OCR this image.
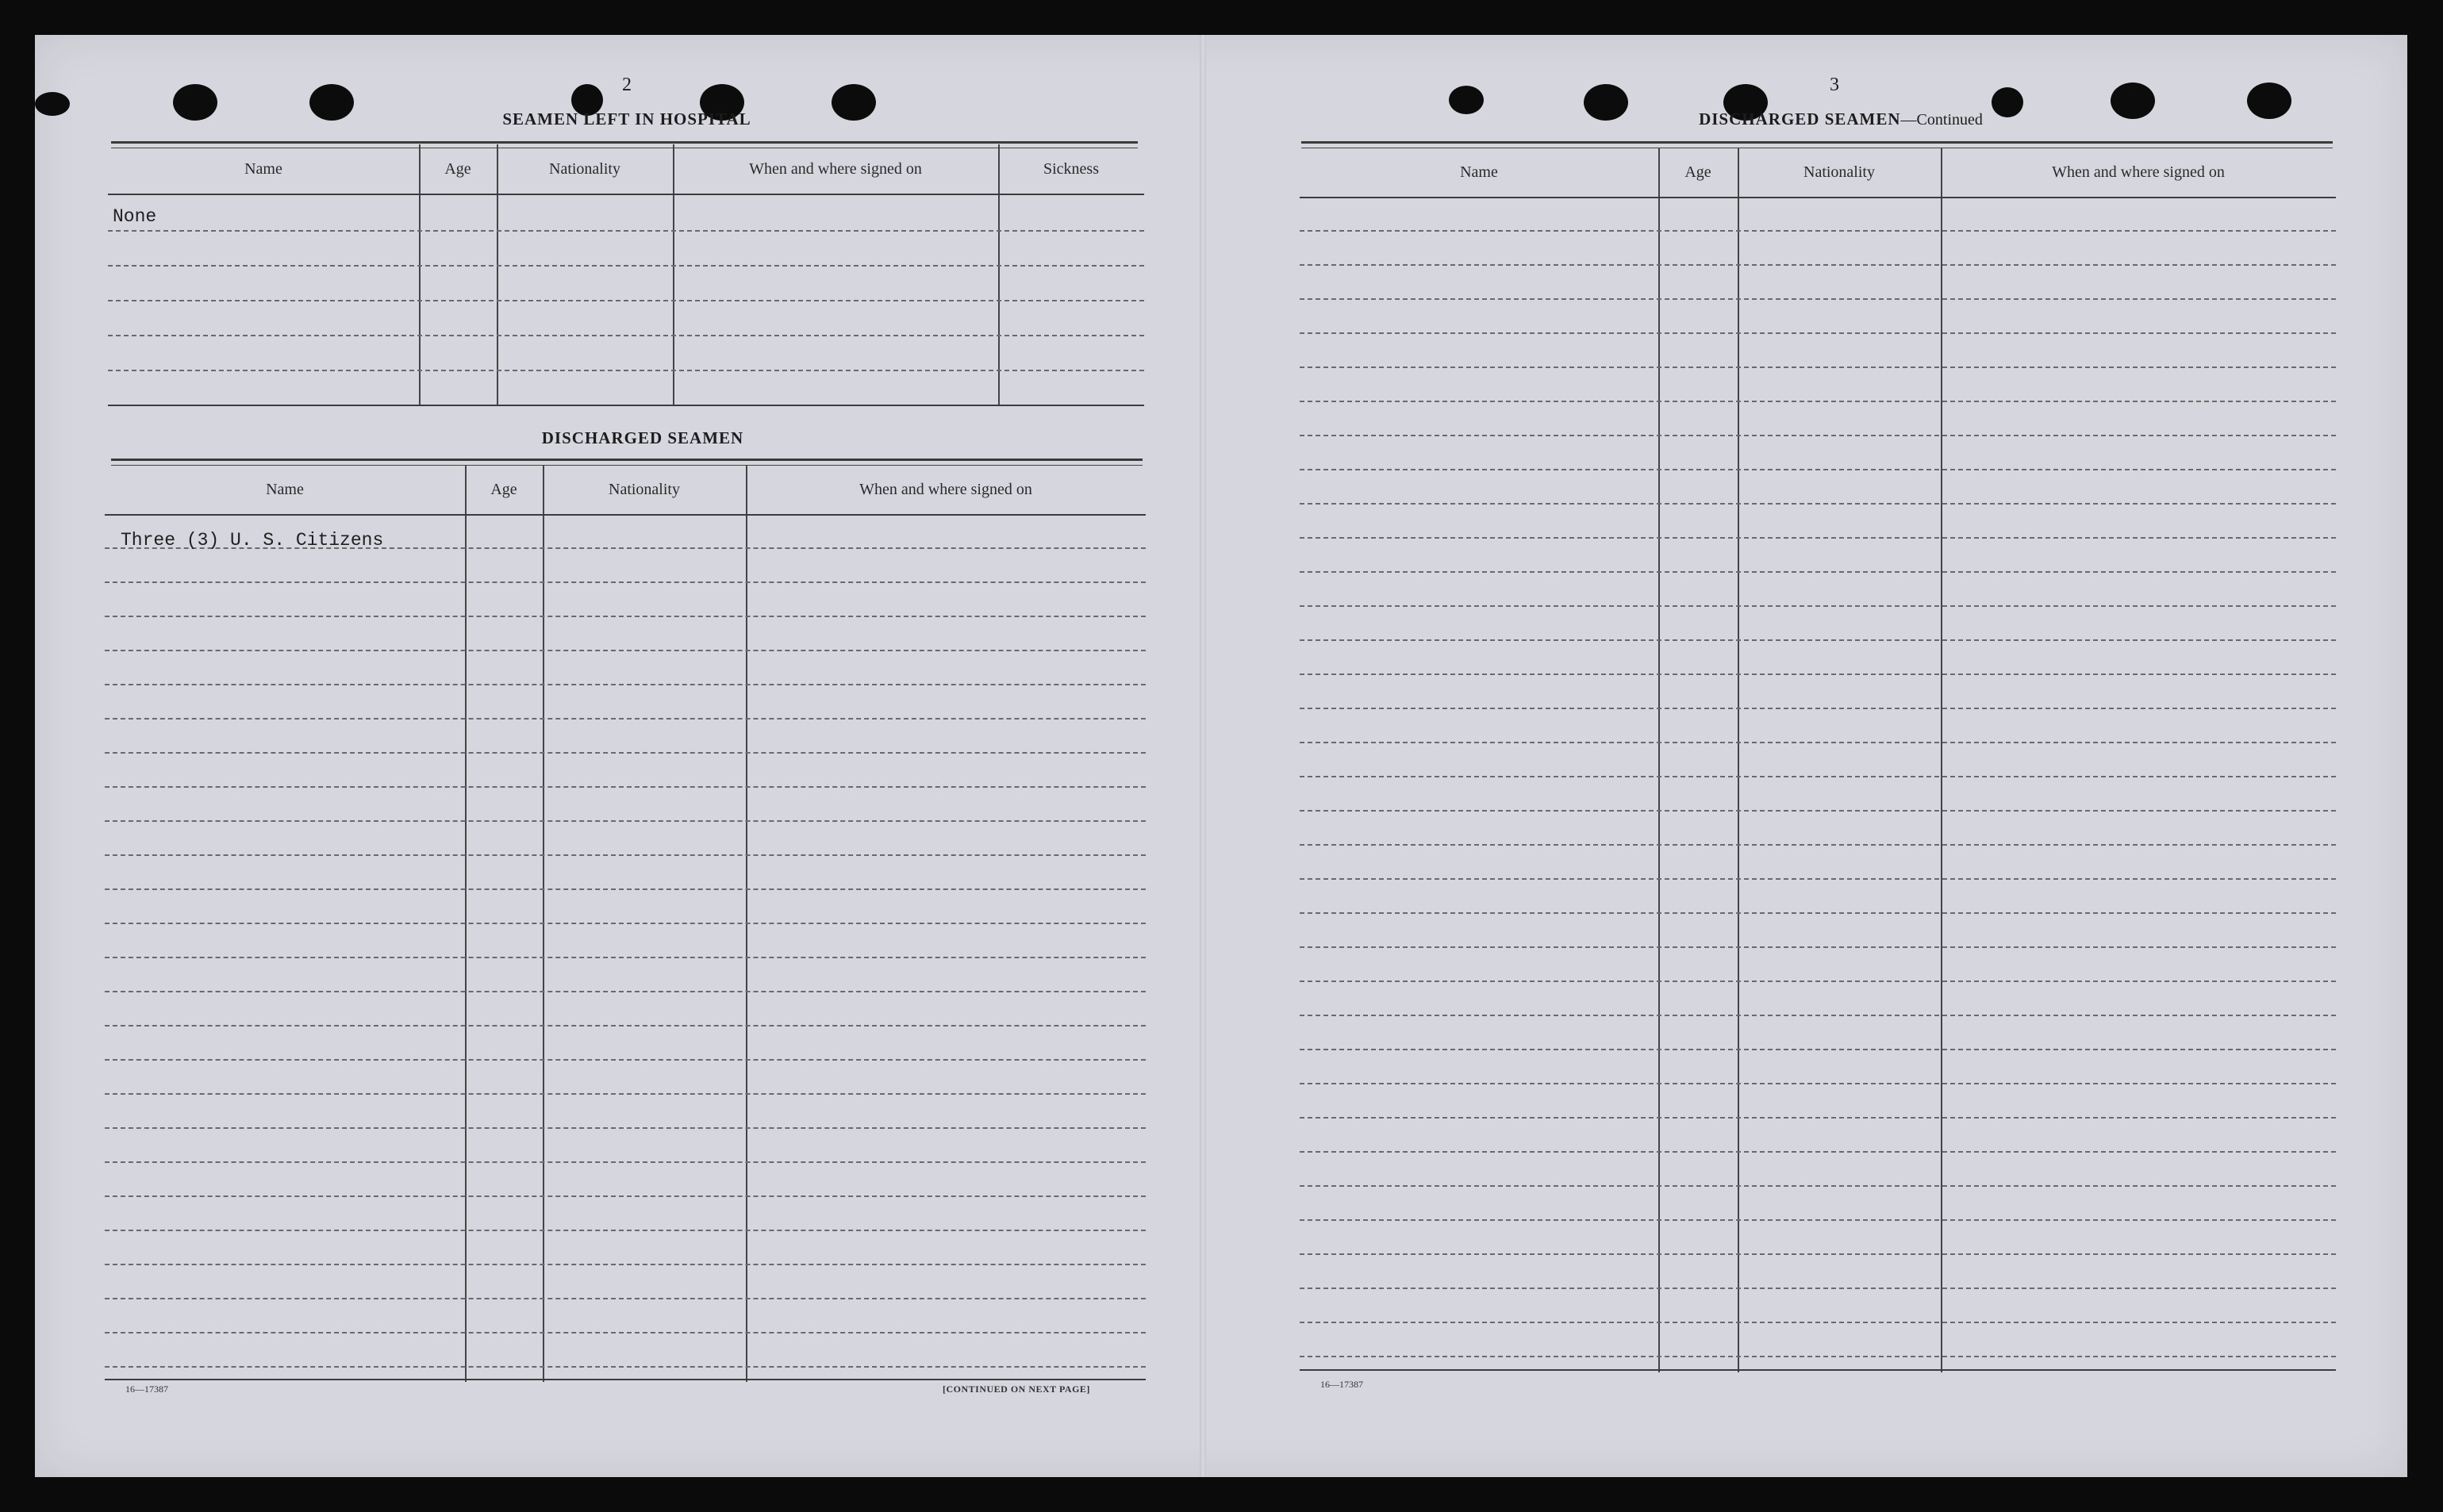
2
SEAMEN LEFT IN HOSPITAL
Name	Age	Nationality	When and where signed on	Sickness
None
DISCHARGED SEAMEN
Name	Age	Nationality	When and where signed on
Three (3) U. S. Citizens
16—17387	[CONTINUED ON NEXT PAGE]
3
DISCHARGED SEAMEN—Continued
Name	Age	Nationality	When and where signed on
16—17387
